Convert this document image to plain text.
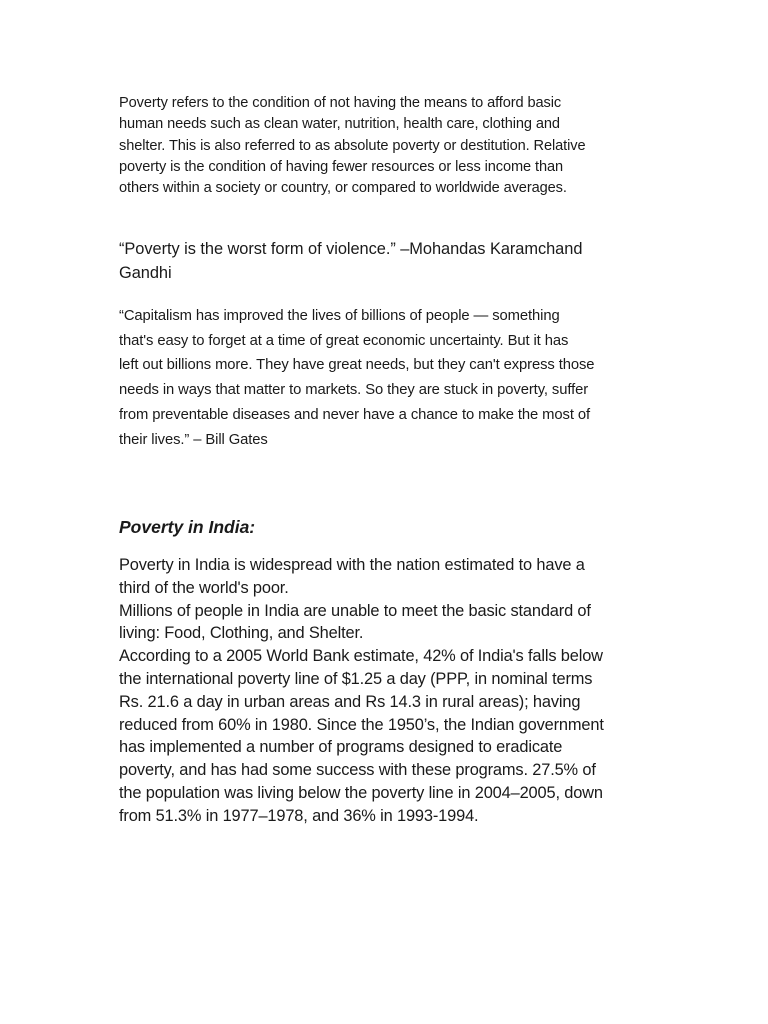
Poverty refers to the condition of not having the means to afford basic
human needs such as clean water, nutrition, health care, clothing and
shelter. This is also referred to as absolute poverty or destitution. Relative
poverty is the condition of having fewer resources or less income than
others within a society or country, or compared to worldwide averages.

“Poverty is the worst form of violence.” –Mohandas Karamchand
Gandhi

“Capitalism has improved the lives of billions of people — something
that's easy to forget at a time of great economic uncertainty. But it has
left out billions more. They have great needs, but they can't express those
needs in ways that matter to markets. So they are stuck in poverty, suffer
from preventable diseases and never have a chance to make the most of
their lives.” – Bill Gates

Poverty in India:

Poverty in India is widespread with the nation estimated to have a
third of the world's poor.
Millions of people in India are unable to meet the basic standard of
living: Food, Clothing, and Shelter.
According to a 2005 World Bank estimate, 42% of India's falls below
the international poverty line of $1.25 a day (PPP, in nominal terms
Rs. 21.6 a day in urban areas and Rs 14.3 in rural areas); having
reduced from 60% in 1980. Since the 1950’s, the Indian government
has implemented a number of programs designed to eradicate
poverty, and has had some success with these programs. 27.5% of
the population was living below the poverty line in 2004–2005, down
from 51.3% in 1977–1978, and 36% in 1993-1994.
